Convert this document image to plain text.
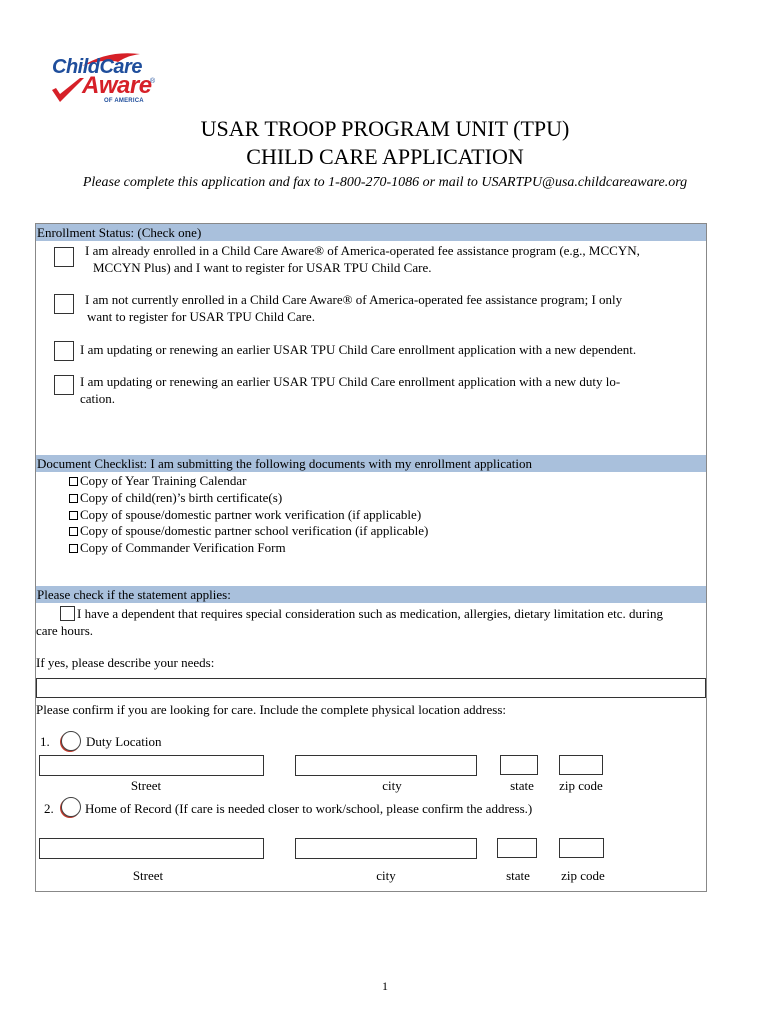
ChildCare
Aware
®
OF AMERICA
USAR TROOP PROGRAM UNIT (TPU)
CHILD CARE APPLICATION
Please complete this application and fax to 1-800-270-1086 or mail to USARTPU@usa.childcareaware.org
Enrollment Status: (Check one)
I am already enrolled in a Child Care Aware® of America-operated fee assistance program (e.g., MCCYN,
MCCYN Plus) and I want to register for USAR TPU Child Care.
I am not currently enrolled in a Child Care Aware® of America-operated fee assistance program; I only
want to register for USAR TPU Child Care.
I am updating or renewing an earlier USAR TPU Child Care enrollment application with a new dependent.
I am updating or renewing an earlier USAR TPU Child Care enrollment application with a new duty lo-
cation.
Document Checklist: I am submitting the following documents with my enrollment application
Copy of Year Training Calendar
Copy of child(ren)’s birth certificate(s)
Copy of spouse/domestic partner work verification (if applicable)
Copy of spouse/domestic partner school verification (if applicable)
Copy of Commander Verification Form
Please check if the statement applies:
I have a dependent that requires special consideration such as medication, allergies, dietary limitation etc. during
care hours.
If yes, please describe your needs:
Please confirm if you are looking for care. Include the complete physical location address:
1.	Duty Location
Street	city	state	zip code
2. Home of Record (If care is needed closer to work/school, please confirm the address.)
Street	city	state	zip code
1
